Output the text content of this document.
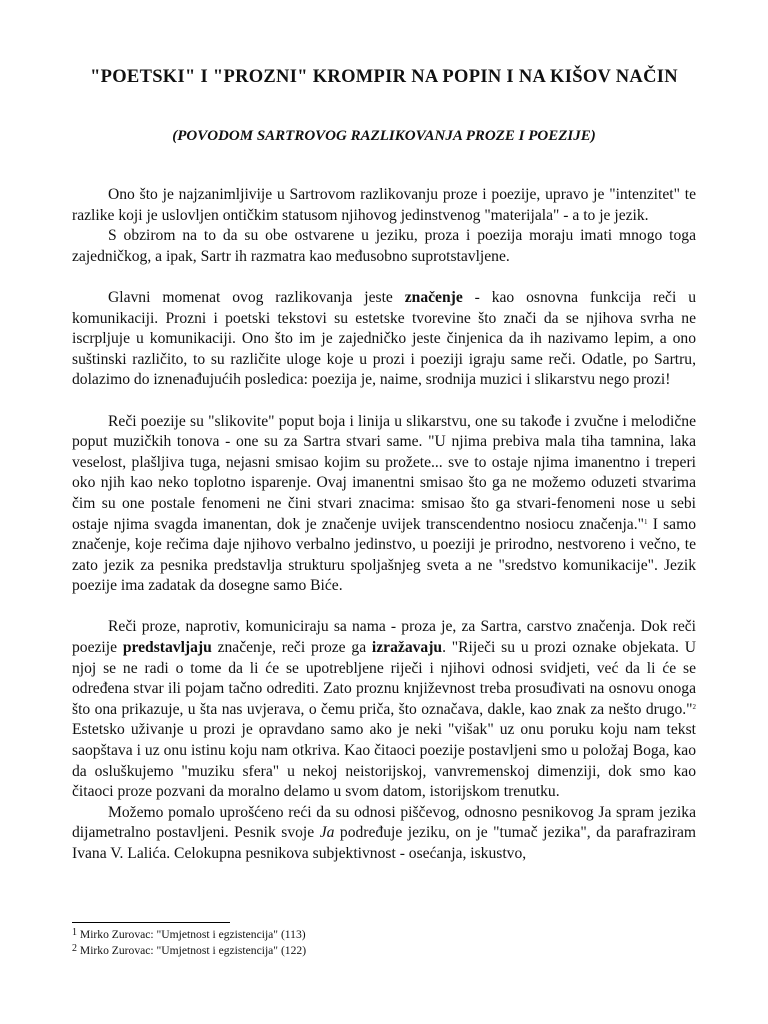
"POETSKI" I "PROZNI" KROMPIR NA POPIN I NA KIŠOV NAČIN
(POVODOM SARTROVOG RAZLIKOVANJA PROZE I POEZIJE)

Ono što je najzanimljivije u Sartrovom razlikovanju proze i poezije, upravo je "intenzitet" te razlike koji je uslovljen ontičkim statusom njihovog jedinstvenog "materijala" - a to je jezik.

S obzirom na to da su obe ostvarene u jeziku, proza i poezija moraju imati mnogo toga zajedničkog, a ipak, Sartr ih razmatra kao međusobno suprotstavljene.

Glavni momenat ovog razlikovanja jeste značenje - kao osnovna funkcija reči u komunikaciji. Prozni i poetski tekstovi su estetske tvorevine što znači da se njihova svrha ne iscrpljuje u komunikaciji. Ono što im je zajedničko jeste činjenica da ih nazivamo lepim, a ono suštinski različito, to su različite uloge koje u prozi i poeziji igraju same reči. Odatle, po Sartru, dolazimo do iznenađujućih posledica: poezija je, naime, srodnija muzici i slikarstvu nego prozi!

Reči poezije su "slikovite" poput boja i linija u slikarstvu, one su takođe i zvučne i melodične poput muzičkih tonova - one su za Sartra stvari same. "U njima prebiva mala tiha tamnina, laka veselost, plašljiva tuga, nejasni smisao kojim su prožete... sve to ostaje njima imanentno i treperi oko njih kao neko toplotno isparenje. Ovaj imanentni smisao što ga ne možemo oduzeti stvarima čim su one postale fenomeni ne čini stvari znacima: smisao što ga stvari-fenomeni nose u sebi ostaje njima svagda imanentan, dok je značenje uvijek transcendentno nosiocu značenja."$^1$ I samo značenje, koje rečima daje njihovo verbalno jedinstvo, u poeziji je prirodno, nestvoreno i večno, te zato jezik za pesnika predstavlja strukturu spoljašnjeg sveta a ne "sredstvo komunikacije". Jezik poezije ima zadatak da dosegne samo Biće.

Reči proze, naprotiv, komuniciraju sa nama - proza je, za Sartra, carstvo značenja. Dok reči poezije predstavljaju značenje, reči proze ga izražavaju. "Riječi su u prozi oznake objekata. U njoj se ne radi o tome da li će se upotrebljene riječi i njihovi odnosi svidjeti, već da li će se određena stvar ili pojam tačno odrediti. Zato proznu književnost treba prosuđivati na osnovu onoga što ona prikazuje, u šta nas uvjerava, o čemu priča, što označava, dakle, kao znak za nešto drugo."$^2$ Estetsko uživanje u prozi je opravdano samo ako je neki "višak" uz onu poruku koju nam tekst saopštava i uz onu istinu koju nam otkriva. Kao čitaoci poezije postavljeni smo u položaj Boga, kao da osluškujemo "muziku sfera" u nekoj neistorijskoj, vanvremenskoj dimenziji, dok smo kao čitaoci proze pozvani da moralno delamo u svom datom, istorijskom trenutku.

Možemo pomalo uprošćeno reći da su odnosi piščevog, odnosno pesnikovog Ja spram jezika dijametralno postavljeni. Pesnik svoje Ja podređuje jeziku, on je "tumač jezika", da parafraziram Ivana V. Lalića. Celokupna pesnikova subjektivnost - osećanja, iskustvo,

$^1$ Mirko Zurovac: "Umjetnost i egzistencija" (113)
$^2$ Mirko Zurovac: "Umjetnost i egzistencija" (122)
